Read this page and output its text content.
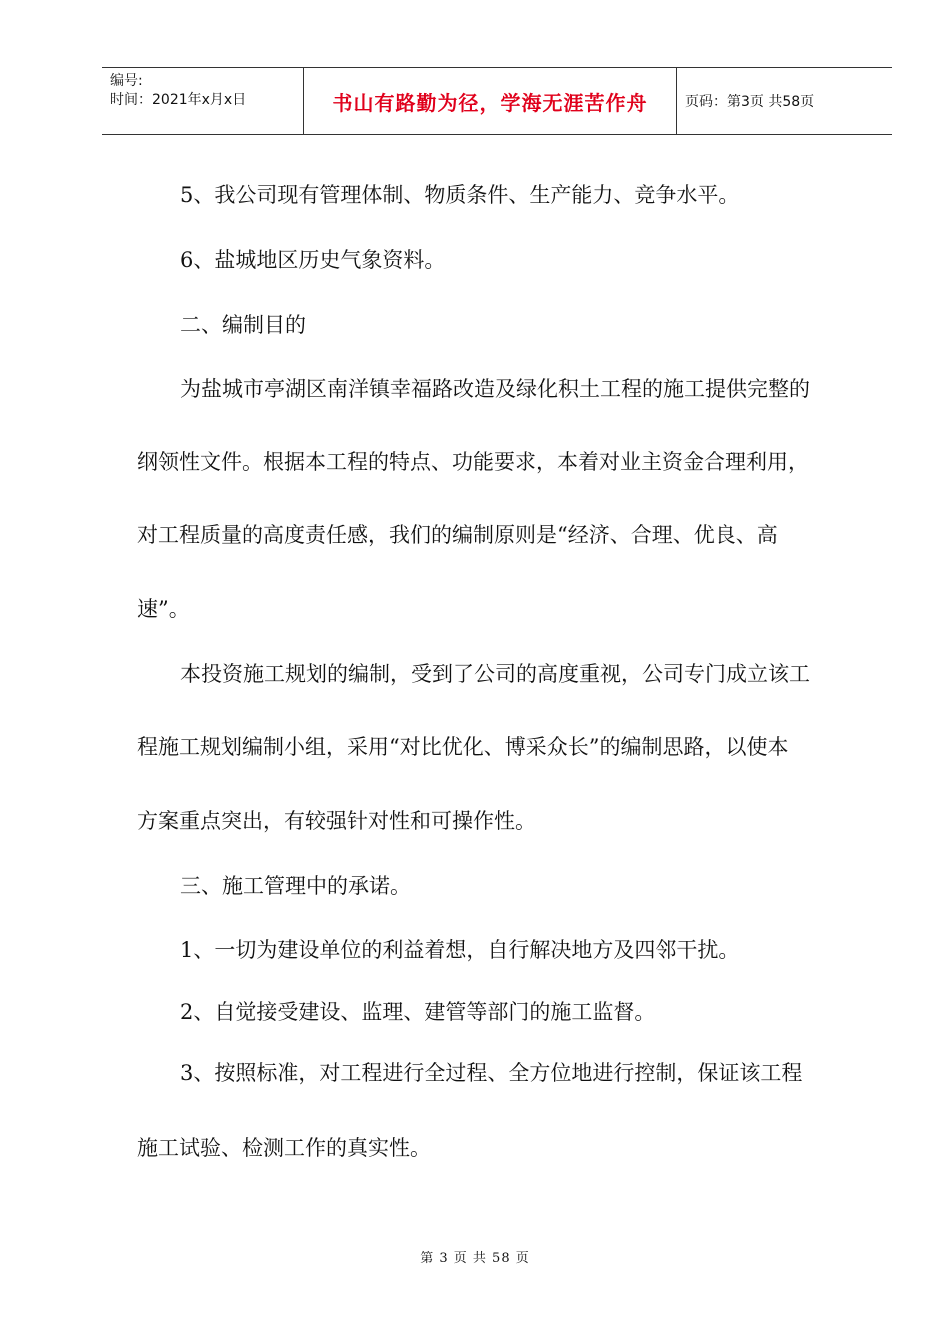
编号:
时间：2021年x月x日	书山有路勤为径，学海无涯苦作舟	页码：第3页 共58页
5、我公司现有管理体制、物质条件、生产能力、竞争水平。
6、盐城地区历史气象资料。
二、编制目的
为盐城市亭湖区南洋镇幸福路改造及绿化积土工程的施工提供完整的
纲领性文件。根据本工程的特点、功能要求，本着对业主资金合理利用，
对工程质量的高度责任感，我们的编制原则是“经济、合理、优良、高
速”。
本投资施工规划的编制，受到了公司的高度重视，公司专门成立该工
程施工规划编制小组，采用“对比优化、博采众长”的编制思路，以使本
方案重点突出，有较强针对性和可操作性。
三、施工管理中的承诺。
1、一切为建设单位的利益着想，自行解决地方及四邻干扰。
2、自觉接受建设、监理、建管等部门的施工监督。
3、按照标准，对工程进行全过程、全方位地进行控制，保证该工程
施工试验、检测工作的真实性。
第 3 页 共 58 页
